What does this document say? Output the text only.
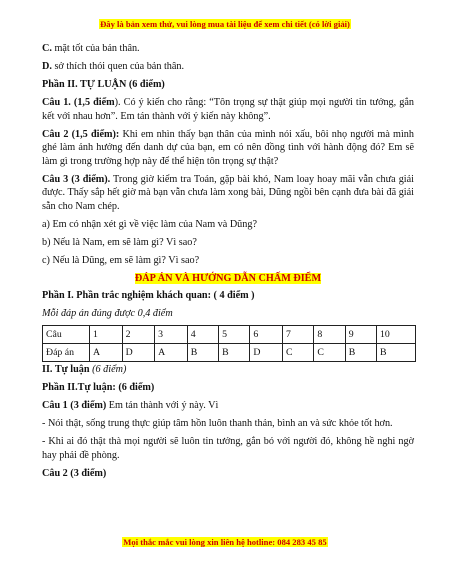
Đây là bản xem thử, vui lòng mua tài liệu để xem chi tiết (có lời giải)

C. mặt tốt của bản thân.

D. sở thích thói quen của bản thân.

Phần II. TỰ LUẬN (6 điểm)

Câu 1. (1,5 điểm). Có ý kiến cho rằng: “Tôn trọng sự thật giúp mọi người tin tưởng, gắn kết với nhau hơn”. Em tán thành với ý kiến này không”.

Câu 2 (1,5 điểm): Khi em nhìn thấy bạn thân của mình nói xấu, bôi nhọ người mà mình ghé làm ảnh hưởng đến danh dự của bạn, em có nên đồng tình với hành động đó? Em sẽ làm gì trong trường hợp này để thể hiện tôn trọng sự thật?

Câu 3 (3 điểm). Trong giờ kiểm tra Toán, gặp bài khó, Nam loay hoay mãi vẫn chưa giải được. Thấy sắp hết giờ mà bạn vẫn chưa làm xong bài, Dũng ngồi bên cạnh đưa bài đã giải sẵn cho Nam chép.

a) Em có nhận xét gì về việc làm của Nam và Dũng?

b) Nếu là Nam, em sẽ làm gì? Vì sao?

c) Nếu là Dũng, em sẽ làm gì? Vì sao?

ĐÁP ÁN VÀ HƯỚNG DẪN CHẤM ĐIỂM

Phần I. Phần trắc nghiệm khách quan: ( 4 điểm )

Mỗi đáp án đúng được 0,4 điểm

Câu	1	2	3	4	5	6	7	8	9	10
Đáp án	A	D	A	B	B	D	C	C	B	B

II. Tự luận (6 điểm)

Phần II.Tự luận: (6 điểm)

Câu 1 (3 điểm) Em tán thành với ý này. Vì

- Nói thật, sống trung thực giúp tâm hồn luôn thanh thản, bình an và sức khỏe tốt hơn.

- Khi ai đó thật thà mọi người sẽ luôn tin tưởng, gắn bó với người đó, không hề nghi ngờ hay phải đề phòng.

Câu 2 (3 điểm)

Mọi thắc mắc vui lòng xin liên hệ hotline: 084 283 45 85
